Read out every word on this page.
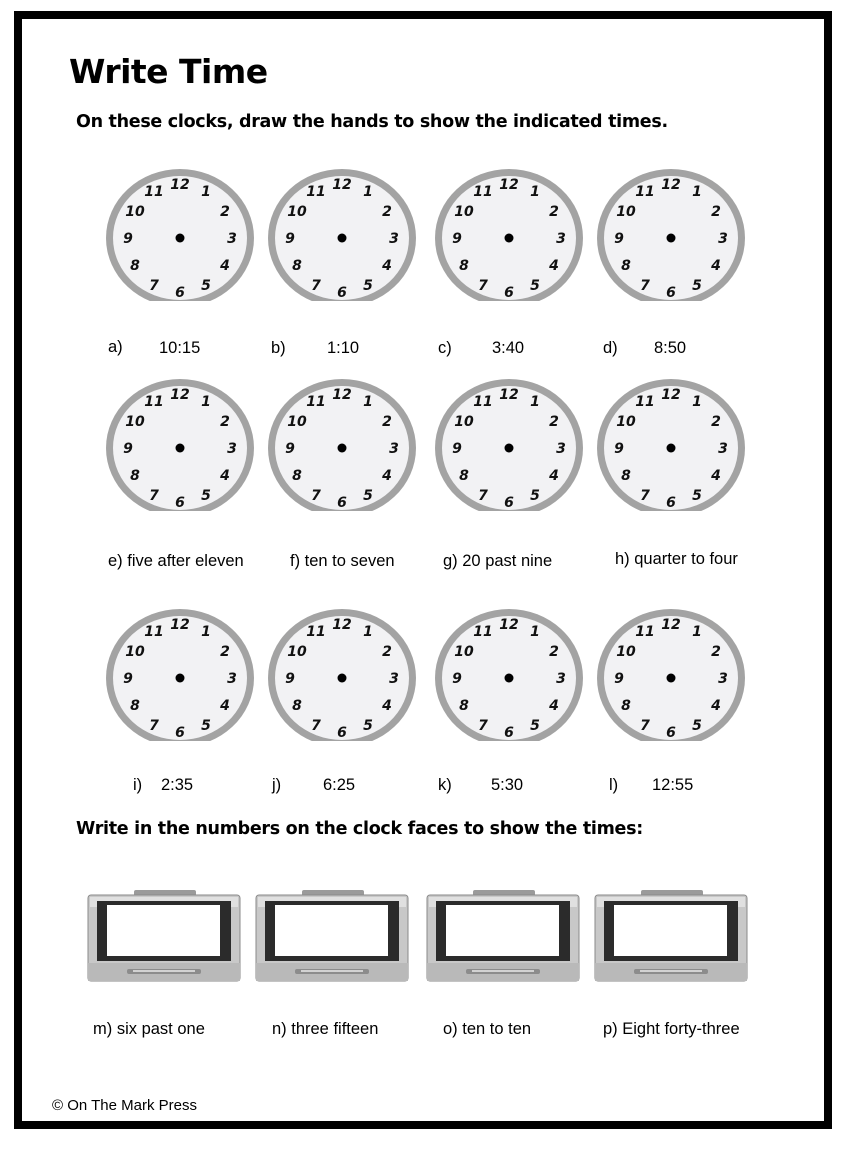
Write Time
On these clocks, draw the hands to show the indicated times.
12 1
2
3
4
5
6
7
8
9
10
11	12 1
2
3
4
5
6
7
8
9
10
11	12 1
2
3
4
5
6
7
8
9
10
11	12 1
2
3
4
5
6
7
8
9
10
11
a) 10:15	b)	1:10	c) 3:40	d) 8:50
12 1
2
3
4
5
6
7
8
9
10
11	12 1
2
3
4
5
6
7
8
9
10
11	12 1
2
3
4
5
6
7
8
9
10
11	12 1
2
3
4
5
6
7
8
9
10
11
e) five after eleven	f) ten to seven	g) 20 past nine	h) quarter to four
12 1
2
3
4
5
6
7
8
9
10
11	12 1
2
3
4
5
6
7
8
9
10
11	12 1
2
3
4
5
6
7
8
9
10
11	12 1
2
3
4
5
6
7
8
9
10
11
i) 2:35	j)	6:25	k) 5:30	l) 12:55
Write in the numbers on the clock faces to show the times:
m) six past one	n) three fifteen	o) ten to ten	p) Eight forty-three
© On The Mark Press
